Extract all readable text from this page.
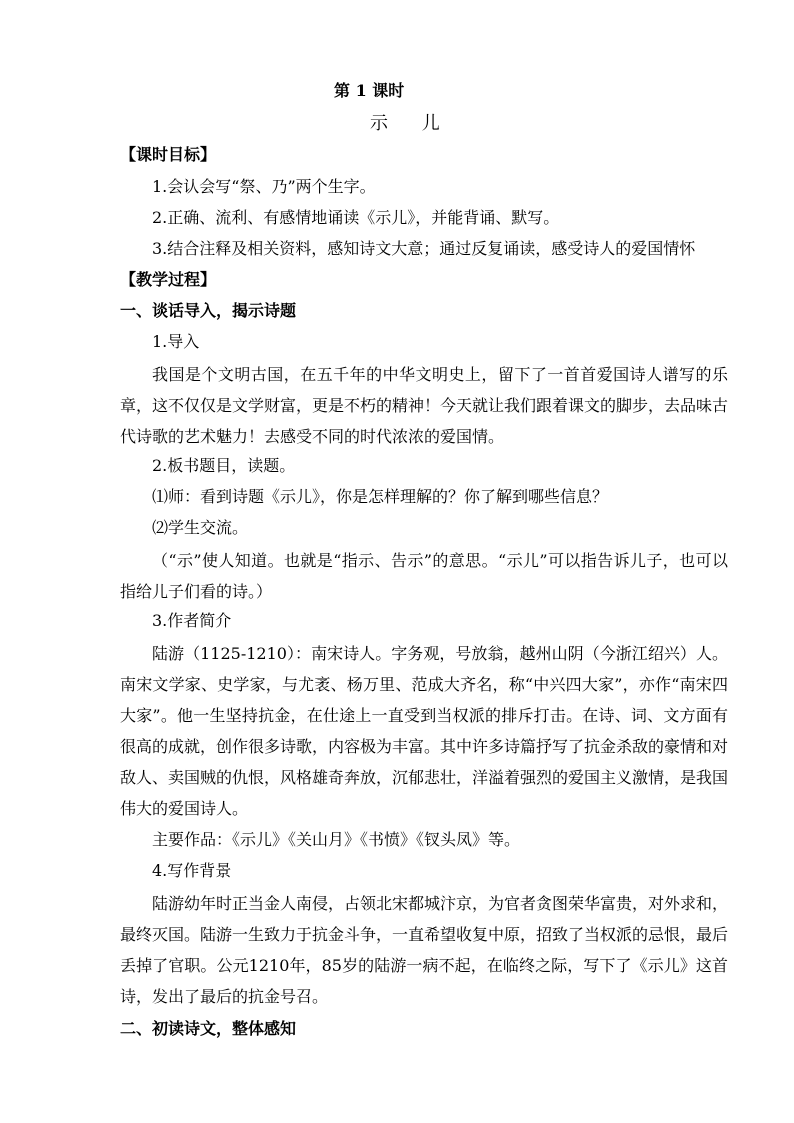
第 1 课时
示 儿
【课时目标】
1.会认会写“祭、乃”两个生字。
2.正确、流利、有感情地诵读《示儿》，并能背诵、默写。
3.结合注释及相关资料，感知诗文大意；通过反复诵读，感受诗人的爱国情怀
【教学过程】
一、谈话导入，揭示诗题
1.导入
我国是个文明古国，在五千年的中华文明史上，留下了一首首爱国诗人谱写的乐章，这不仅仅是文学财富，更是不朽的精神！今天就让我们跟着课文的脚步，去品味古代诗歌的艺术魅力！去感受不同的时代浓浓的爱国情。
2.板书题目，读题。
⑴师：看到诗题《示儿》，你是怎样理解的？你了解到哪些信息？
⑵学生交流。
（“示”使人知道。也就是“指示、告示”的意思。“示儿”可以指告诉儿子，也可以指给儿子们看的诗。）
3.作者简介
陆游（1125-1210）：南宋诗人。字务观，号放翁，越州山阴（今浙江绍兴）人。南宋文学家、史学家，与尤袤、杨万里、范成大齐名，称“中兴四大家”，亦作“南宋四大家”。他一生坚持抗金，在仕途上一直受到当权派的排斥打击。在诗、词、文方面有很高的成就，创作很多诗歌，内容极为丰富。其中许多诗篇抒写了抗金杀敌的豪情和对敌人、卖国贼的仇恨，风格雄奇奔放，沉郁悲壮，洋溢着强烈的爱国主义激情，是我国伟大的爱国诗人。
主要作品：《示儿》《关山月》《书愤》《钗头凤》等。
4.写作背景
陆游幼年时正当金人南侵，占领北宋都城汴京，为官者贪图荣华富贵，对外求和，最终灭国。陆游一生致力于抗金斗争，一直希望收复中原，招致了当权派的忌恨，最后丢掉了官职。公元1210年，85岁的陆游一病不起，在临终之际，写下了《示儿》这首诗，发出了最后的抗金号召。
二、初读诗文，整体感知
